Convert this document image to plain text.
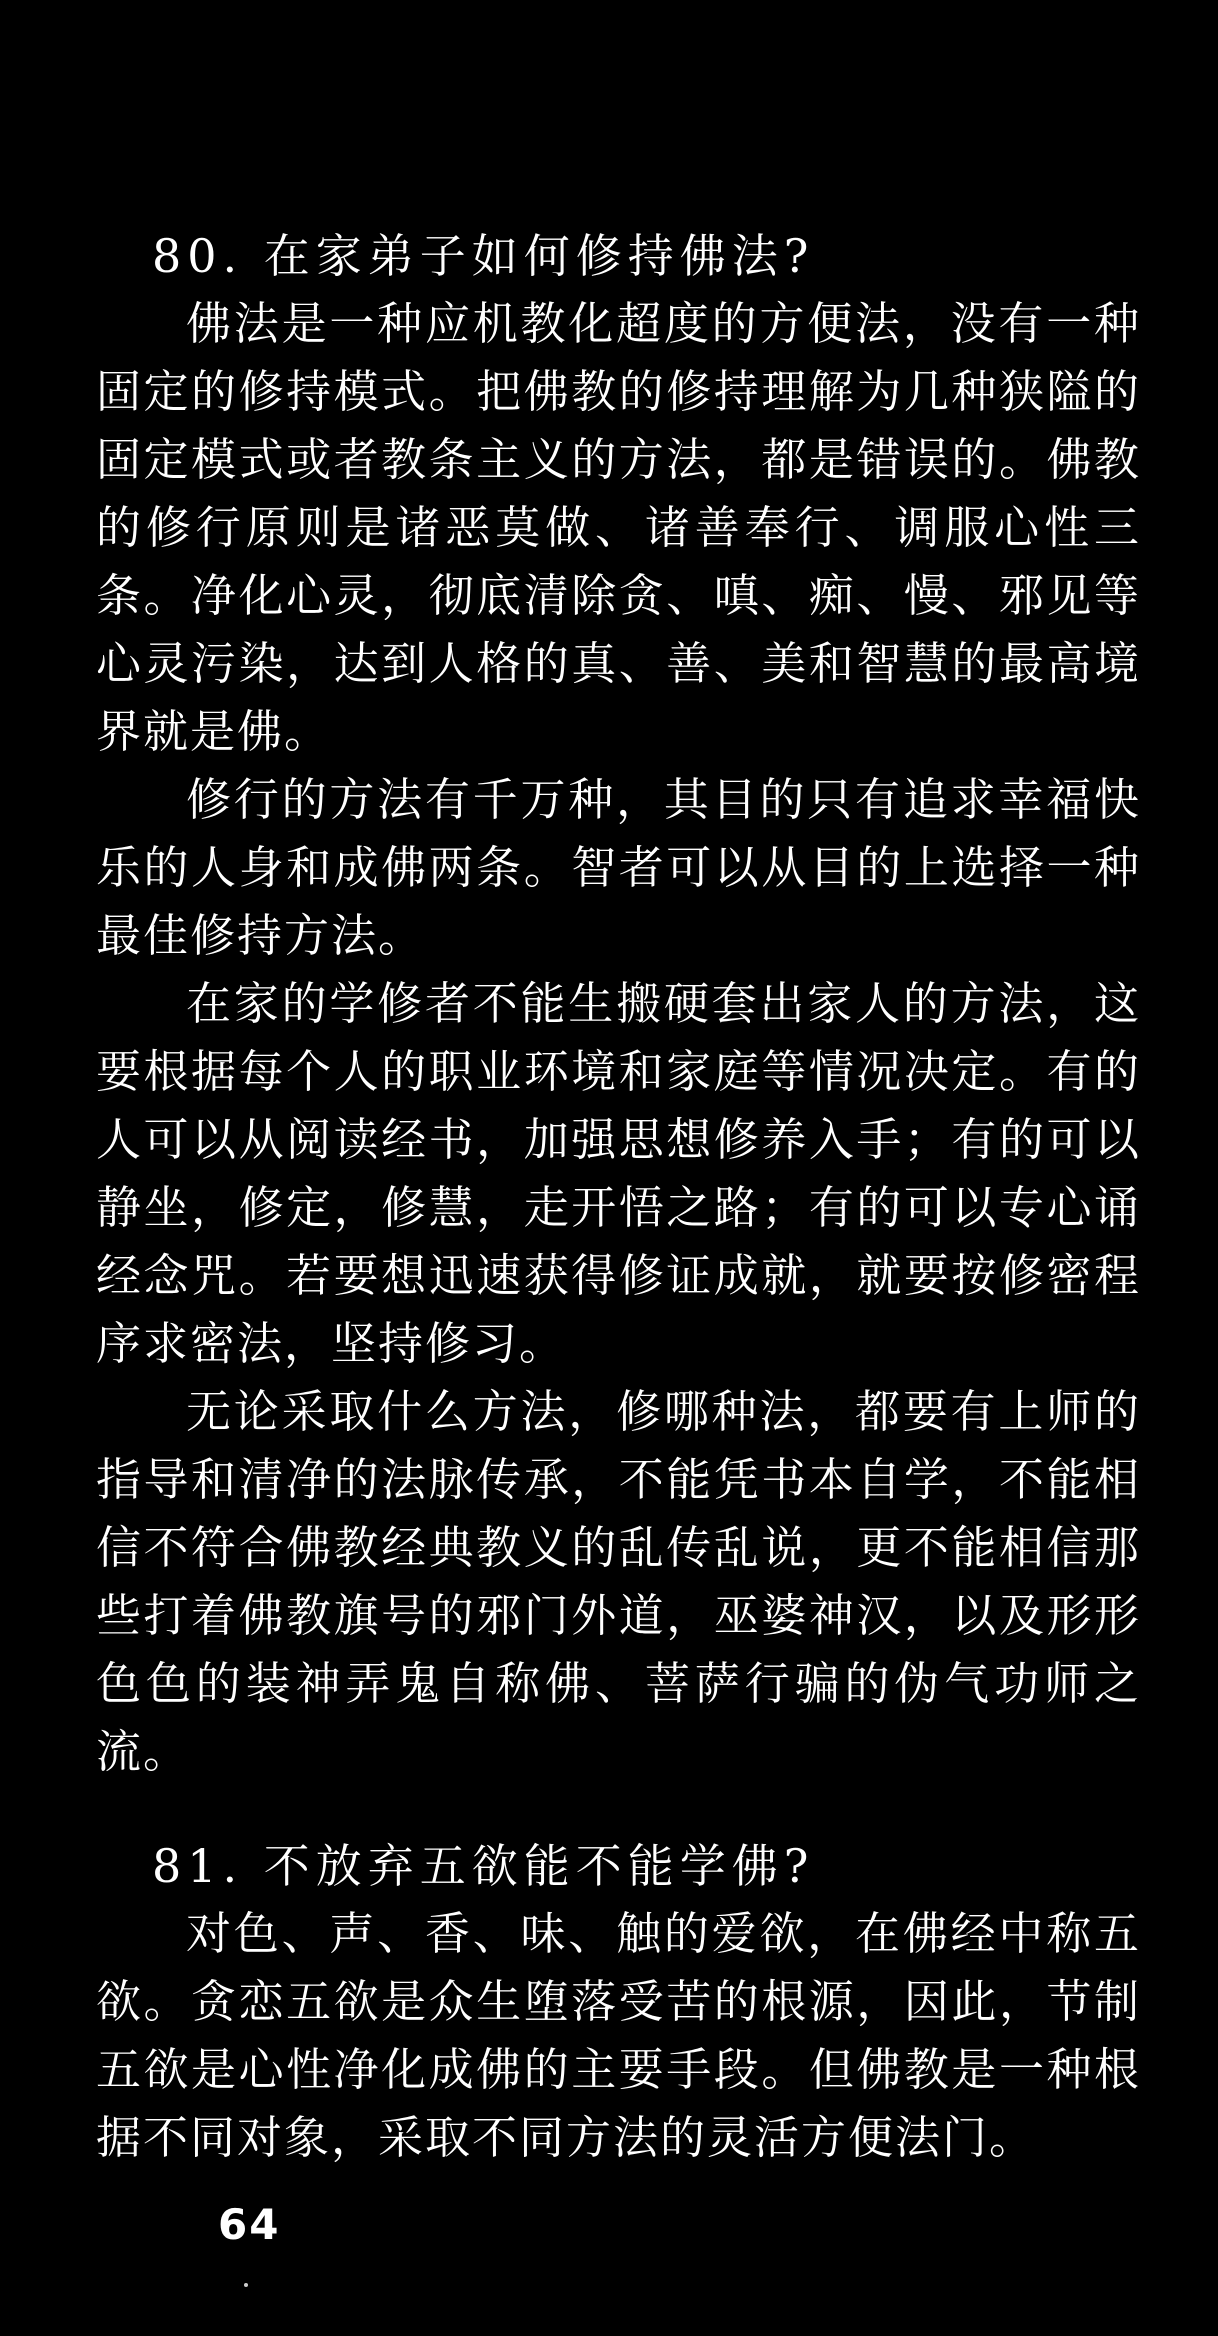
80. 在家弟子如何修持佛法?

佛法是一种应机教化超度的方便法，没有一种固定的修持模式。把佛教的修持理解为几种狭隘的固定模式或者教条主义的方法，都是错误的。佛教的修行原则是诸恶莫做、诸善奉行、调服心性三条。净化心灵，彻底清除贪、嗔、痴、慢、邪见等心灵污染，达到人格的真、善、美和智慧的最高境界就是佛。

修行的方法有千万种，其目的只有追求幸福快乐的人身和成佛两条。智者可以从目的上选择一种最佳修持方法。

在家的学修者不能生搬硬套出家人的方法，这要根据每个人的职业环境和家庭等情况决定。有的人可以从阅读经书，加强思想修养入手；有的可以静坐，修定，修慧，走开悟之路；有的可以专心诵经念咒。若要想迅速获得修证成就，就要按修密程序求密法，坚持修习。

无论采取什么方法，修哪种法，都要有上师的指导和清净的法脉传承，不能凭书本自学，不能相信不符合佛教经典教义的乱传乱说，更不能相信那些打着佛教旗号的邪门外道，巫婆神汉，以及形形色色的装神弄鬼自称佛、菩萨行骗的伪气功师之流。

81. 不放弃五欲能不能学佛?

对色、声、香、味、触的爱欲，在佛经中称五欲。贪恋五欲是众生堕落受苦的根源，因此，节制五欲是心性净化成佛的主要手段。但佛教是一种根据不同对象，采取不同方法的灵活方便法门。

64
